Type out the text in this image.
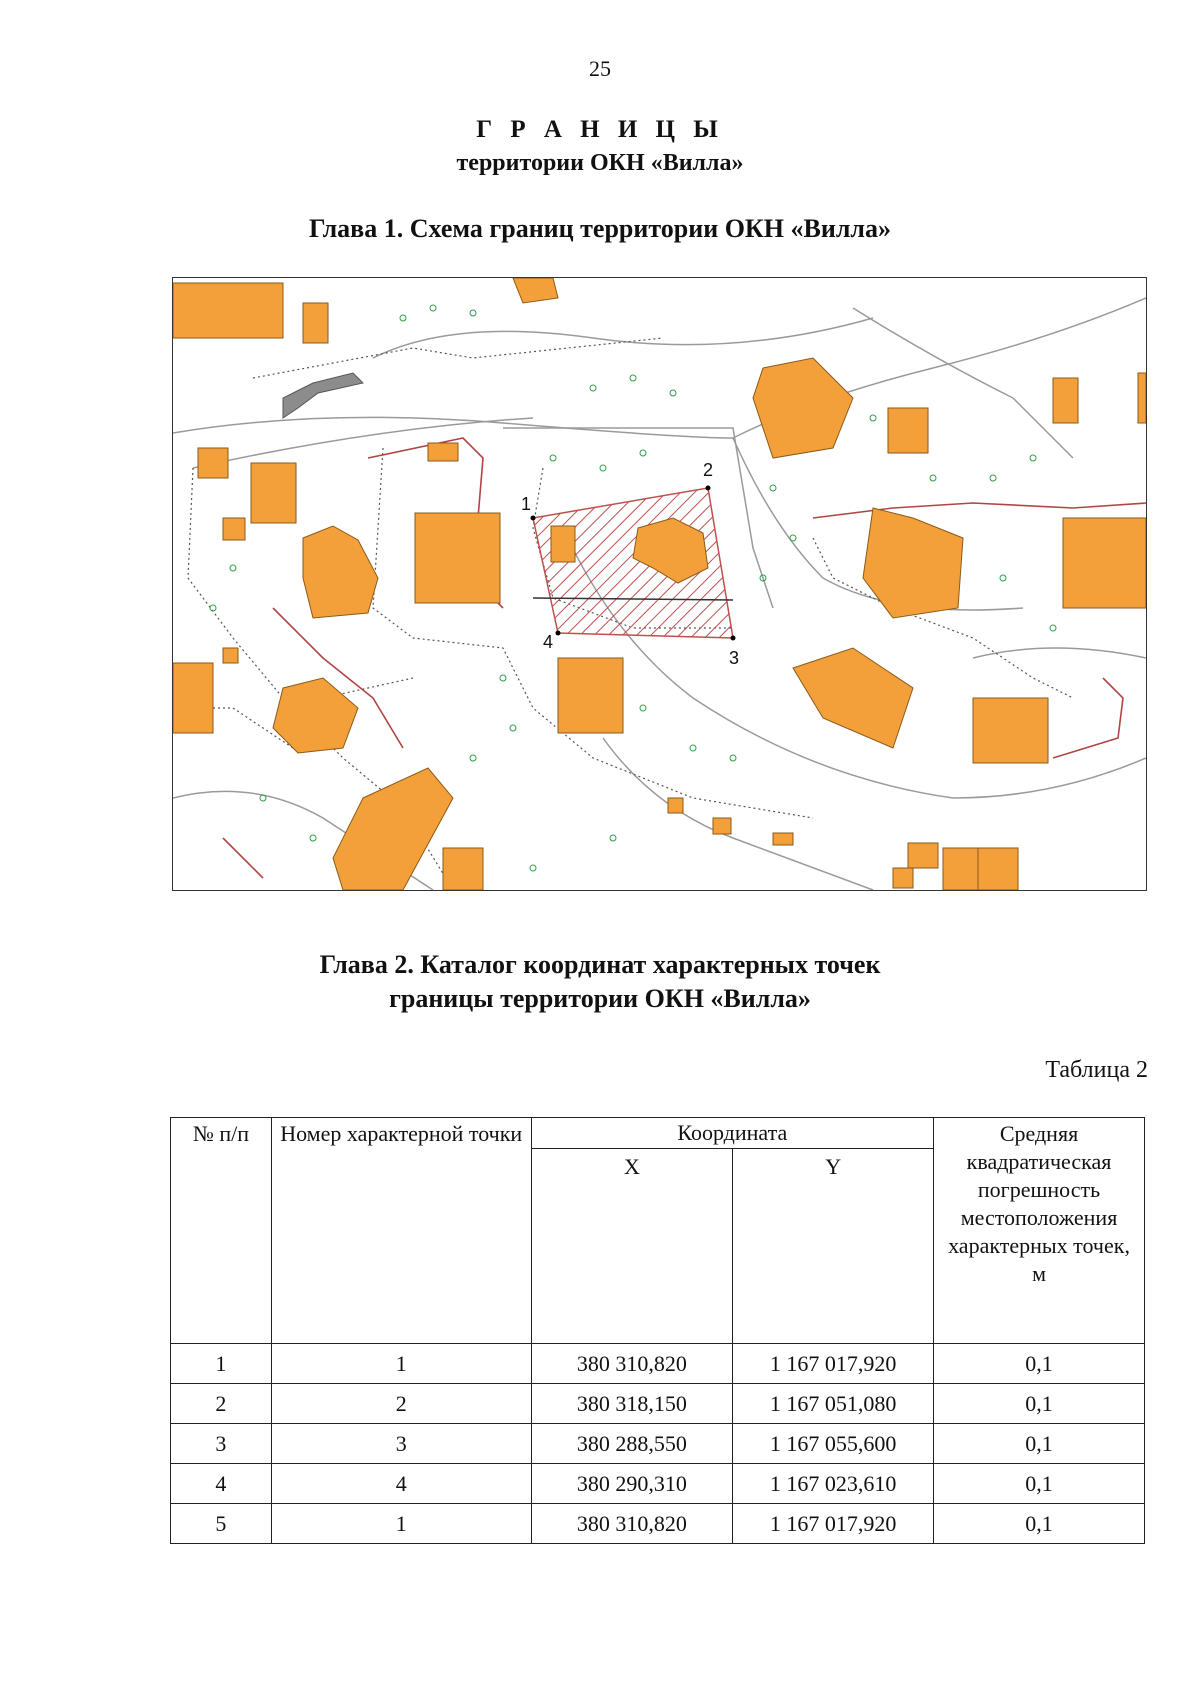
25
Г Р А Н И Ц Ы
территории ОКН «Вилла»
Глава 1. Схема границ территории ОКН «Вилла»
1
2
3
4
Глава 2. Каталог координат характерных точек
границы территории ОКН «Вилла»
Таблица 2
№ п/п	Номер характерной точки	Координата		Средняя квадратическая погрешность местоположения характерных точек, м
		X	Y	
1	1	380 310,820	1 167 017,920	0,1
2	2	380 318,150	1 167 051,080	0,1
3	3	380 288,550	1 167 055,600	0,1
4	4	380 290,310	1 167 023,610	0,1
5	1	380 310,820	1 167 017,920	0,1
